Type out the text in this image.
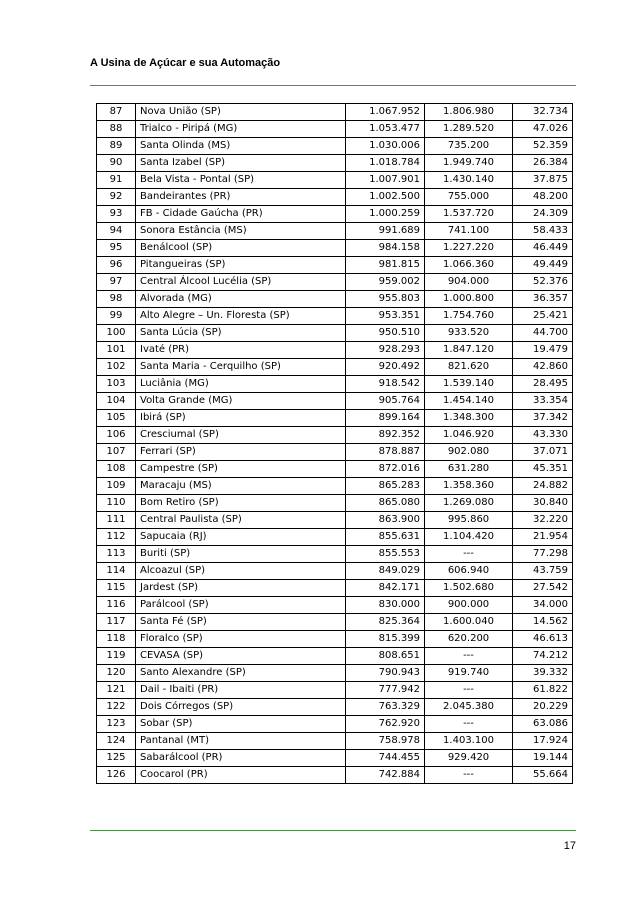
A Usina de Açúcar e sua Automação
87	Nova União (SP)	1.067.952	1.806.980	32.734
88	Trialco - Piripá (MG)	1.053.477	1.289.520	47.026
89	Santa Olinda (MS)	1.030.006	735.200	52.359
90	Santa Izabel (SP)	1.018.784	1.949.740	26.384
91	Bela Vista - Pontal (SP)	1.007.901	1.430.140	37.875
92	Bandeirantes (PR)	1.002.500	755.000	48.200
93	FB - Cidade Gaúcha (PR)	1.000.259	1.537.720	24.309
94	Sonora Estância (MS)	991.689	741.100	58.433
95	Benálcool (SP)	984.158	1.227.220	46.449
96	Pitangueiras (SP)	981.815	1.066.360	49.449
97	Central Álcool Lucélia (SP)	959.002	904.000	52.376
98	Alvorada (MG)	955.803	1.000.800	36.357
99	Alto Alegre – Un. Floresta (SP)	953.351	1.754.760	25.421
100	Santa Lúcia (SP)	950.510	933.520	44.700
101	Ivaté (PR)	928.293	1.847.120	19.479
102	Santa Maria - Cerquilho (SP)	920.492	821.620	42.860
103	Luciânia (MG)	918.542	1.539.140	28.495
104	Volta Grande (MG)	905.764	1.454.140	33.354
105	Ibirá (SP)	899.164	1.348.300	37.342
106	Cresciumal (SP)	892.352	1.046.920	43.330
107	Ferrari (SP)	878.887	902.080	37.071
108	Campestre (SP)	872.016	631.280	45.351
109	Maracaju (MS)	865.283	1.358.360	24.882
110	Bom Retiro (SP)	865.080	1.269.080	30.840
111	Central Paulista (SP)	863.900	995.860	32.220
112	Sapucaia (RJ)	855.631	1.104.420	21.954
113	Buriti (SP)	855.553	---	77.298
114	Alcoazul (SP)	849.029	606.940	43.759
115	Jardest (SP)	842.171	1.502.680	27.542
116	Parálcool (SP)	830.000	900.000	34.000
117	Santa Fé (SP)	825.364	1.600.040	14.562
118	Floralco (SP)	815.399	620.200	46.613
119	CEVASA (SP)	808.651	---	74.212
120	Santo Alexandre (SP)	790.943	919.740	39.332
121	Dail - Ibaiti (PR)	777.942	---	61.822
122	Dois Córregos (SP)	763.329	2.045.380	20.229
123	Sobar (SP)	762.920	---	63.086
124	Pantanal (MT)	758.978	1.403.100	17.924
125	Sabarálcool (PR)	744.455	929.420	19.144
126	Coocarol (PR)	742.884	---	55.664
17
